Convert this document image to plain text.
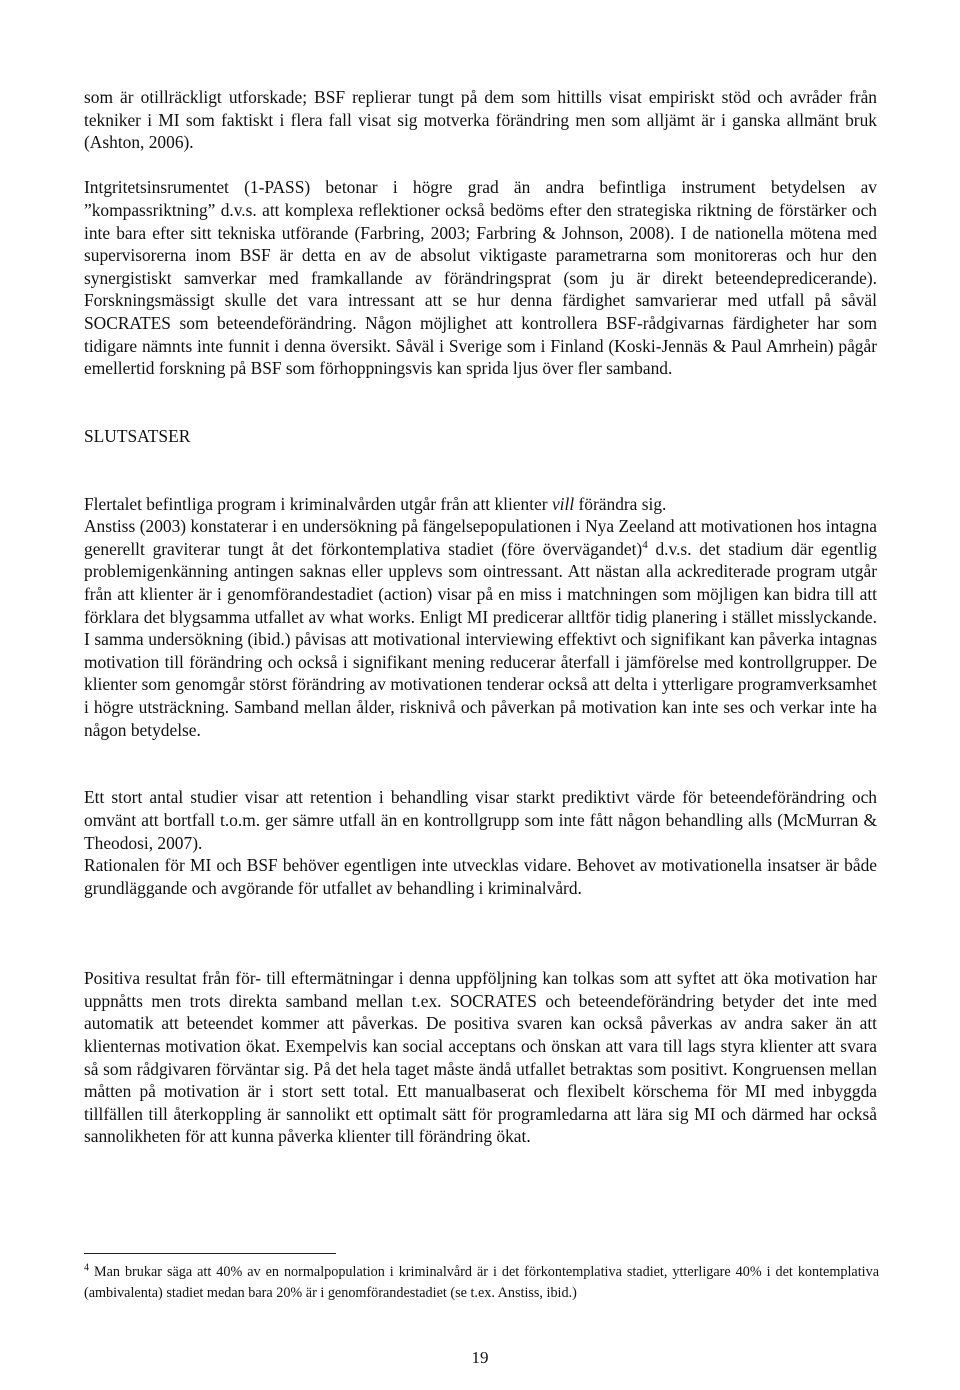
som är otillräckligt utforskade; BSF replierar tungt på dem som hittills visat empiriskt stöd och avråder från tekniker i MI som faktiskt i flera fall visat sig motverka förändring men som alljämt är i ganska allmänt bruk (Ashton, 2006).

Intgritetsinsrumentet (1-PASS) betonar i högre grad än andra befintliga instrument betydelsen av ”kompassriktning” d.v.s. att komplexa reflektioner också bedöms efter den strategiska riktning de förstärker och inte bara efter sitt tekniska utförande (Farbring, 2003; Farbring & Johnson, 2008). I de nationella mötena med supervisorerna inom BSF är detta en av de absolut viktigaste parametrarna som monitoreras och hur den synergistiskt samverkar med framkallande av förändringsprat (som ju är direkt beteendepredicerande). Forskningsmässigt skulle det vara intressant att se hur denna färdighet samvarierar med utfall på såväl SOCRATES som beteendeförändring. Någon möjlighet att kontrollera BSF-rådgivarnas färdigheter har som tidigare nämnts inte funnit i denna översikt. Såväl i Sverige som i Finland (Koski-Jennäs & Paul Amrhein) pågår emellertid forskning på BSF som förhoppningsvis kan sprida ljus över fler samband.

SLUTSATSER

Flertalet befintliga program i kriminalvården utgår från att klienter vill förändra sig.

Anstiss (2003) konstaterar i en undersökning på fängelsepopulationen i Nya Zeeland att motivationen hos intagna generellt graviterar tungt åt det förkontemplativa stadiet (före övervägandet)$^4$ d.v.s. det stadium där egentlig problemigenkänning antingen saknas eller upplevs som ointressant. Att nästan alla ackrediterade program utgår från att klienter är i genomförandestadiet (action) visar på en miss i matchningen som möjligen kan bidra till att förklara det blygsamma utfallet av what works. Enligt MI predicerar alltför tidig planering i stället misslyckande. I samma undersökning (ibid.) påvisas att motivational interviewing effektivt och signifikant kan påverka intagnas motivation till förändring och också i signifikant mening reducerar återfall i jämförelse med kontrollgrupper. De klienter som genomgår störst förändring av motivationen tenderar också att delta i ytterligare programverksamhet i högre utsträckning. Samband mellan ålder, risknivå och påverkan på motivation kan inte ses och verkar inte ha någon betydelse.

Ett stort antal studier visar att retention i behandling visar starkt prediktivt värde för beteendeförändring och omvänt att bortfall t.o.m. ger sämre utfall än en kontrollgrupp som inte fått någon behandling alls (McMurran & Theodosi, 2007).

Rationalen för MI och BSF behöver egentligen inte utvecklas vidare. Behovet av motivationella insatser är både grundläggande och avgörande för utfallet av behandling i kriminalvård.

Positiva resultat från för- till eftermätningar i denna uppföljning kan tolkas som att syftet att öka motivation har uppnåtts men trots direkta samband mellan t.ex. SOCRATES och beteendeförändring betyder det inte med automatik att beteendet kommer att påverkas. De positiva svaren kan också påverkas av andra saker än att klienternas motivation ökat. Exempelvis kan social acceptans och önskan att vara till lags styra klienter att svara så som rådgivaren förväntar sig. På det hela taget måste ändå utfallet betraktas som positivt. Kongruensen mellan måtten på motivation är i stort sett total. Ett manualbaserat och flexibelt körschema för MI med inbyggda tillfällen till återkoppling är sannolikt ett optimalt sätt för programledarna att lära sig MI och därmed har också sannolikheten för att kunna påverka klienter till förändring ökat.

$^4$ Man brukar säga att 40% av en normalpopulation i kriminalvård är i det förkontemplativa stadiet, ytterligare 40% i det kontemplativa (ambivalenta) stadiet medan bara 20% är i genomförandestadiet (se t.ex. Anstiss, ibid.)
19
